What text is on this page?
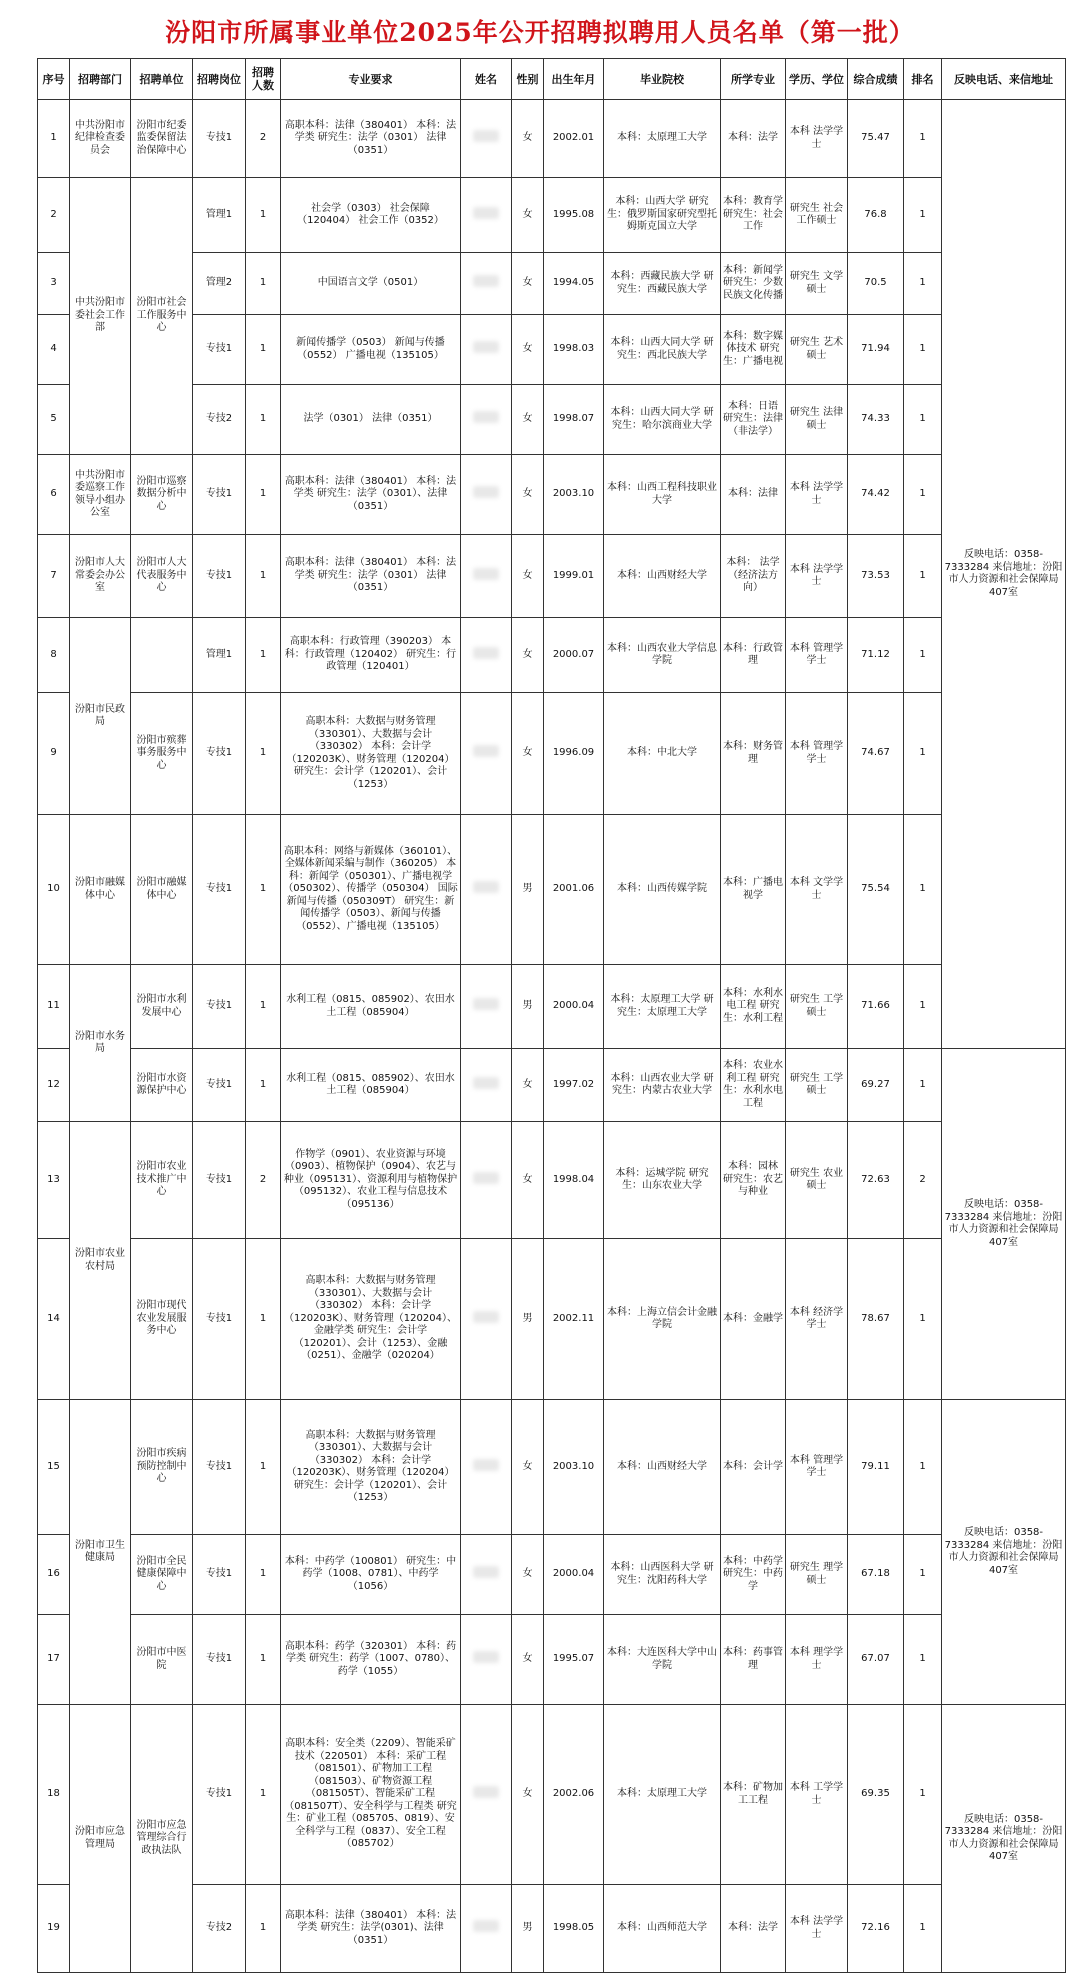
汾阳市所属事业单位2025年公开招聘拟聘用人员名单（第一批）
序号	招聘部门	招聘单位	招聘岗位	招聘人数	专业要求	姓名	性别	出生年月	毕业院校	所学专业	学历、学位	综合成绩	排名	反映电话、来信地址
1	中共汾阳市纪律检查委员会	汾阳市纪委监委保留法治保障中心	专技1	2	高职本科：法律（380401） 本科：法学类 研究生：法学（0301） 法律（0351）		女	2002.01	本科：太原理工大学	本科：法学	本科 法学学士	75.47	1	反映电话：0358-7333284 来信地址：汾阳市人力资源和社会保障局407室
2	中共汾阳市委社会工作部	汾阳市社会工作服务中心	管理1	1	社会学（0303） 社会保障（120404） 社会工作（0352）		女	1995.08	本科：山西大学 研究生：俄罗斯国家研究型托姆斯克国立大学	本科：教育学 研究生：社会工作	研究生 社会工作硕士	76.8	1	
3			管理2	1	中国语言文学（0501）		女	1994.05	本科：西藏民族大学 研究生：西藏民族大学	本科：新闻学 研究生：少数民族文化传播	研究生 文学硕士	70.5	1	
4			专技1	1	新闻传播学（0503） 新闻与传播（0552） 广播电视（135105）		女	1998.03	本科：山西大同大学 研究生：西北民族大学	本科：数字媒体技术 研究生：广播电视	研究生 艺术硕士	71.94	1	
5			专技2	1	法学（0301） 法律（0351）		女	1998.07	本科：山西大同大学 研究生：哈尔滨商业大学	本科：日语 研究生：法律（非法学）	研究生 法律硕士	74.33	1	
6	中共汾阳市委巡察工作领导小组办公室	汾阳市巡察数据分析中心	专技1	1	高职本科：法律（380401） 本科：法学类 研究生：法学（0301）、法律（0351）		女	2003.10	本科：山西工程科技职业大学	本科：法律	本科 法学学士	74.42	1	
7	汾阳市人大常委会办公室	汾阳市人大代表服务中心	专技1	1	高职本科：法律（380401） 本科：法学类 研究生：法学（0301） 法律（0351）		女	1999.01	本科：山西财经大学	本科： 法学（经济法方向）	本科 法学学士	73.53	1	
8	汾阳市民政局		管理1	1	高职本科：行政管理（390203） 本科：行政管理（120402） 研究生：行政管理（120401）		女	2000.07	本科：山西农业大学信息学院	本科：行政管理	本科 管理学学士	71.12	1	
9		汾阳市殡葬事务服务中心	专技1	1	高职本科：大数据与财务管理（330301）、大数据与会计（330302） 本科：会计学（120203K）、财务管理（120204） 研究生：会计学（120201）、会计（1253）		女	1996.09	本科：中北大学	本科：财务管理	本科 管理学学士	74.67	1	
10	汾阳市融媒体中心	汾阳市融媒体中心	专技1	1	高职本科：网络与新媒体（360101）、全媒体新闻采编与制作（360205） 本科：新闻学（050301）、广播电视学（050302）、传播学（050304） 国际新闻与传播（050309T） 研究生：新闻传播学（0503）、新闻与传播（0552）、广播电视（135105）		男	2001.06	本科：山西传媒学院	本科：广播电视学	本科 文学学士	75.54	1	
11	汾阳市水务局	汾阳市水利发展中心	专技1	1	水利工程（0815、085902）、农田水土工程（085904）		男	2000.04	本科：太原理工大学 研究生：太原理工大学	本科：水利水电工程 研究生：水利工程	研究生 工学硕士	71.66	1	
12		汾阳市水资源保护中心	专技1	1	水利工程（0815、085902）、农田水土工程（085904）		女	1997.02	本科：山西农业大学 研究生：内蒙古农业大学	本科：农业水利工程 研究生：水利水电工程	研究生 工学硕士	69.27	1	反映电话：0358-7333284 来信地址：汾阳市人力资源和社会保障局407室
13	汾阳市农业农村局	汾阳市农业技术推广中心	专技1	2	作物学（0901）、农业资源与环境（0903）、植物保护（0904）、农艺与种业（095131）、资源利用与植物保护（095132）、农业工程与信息技术（095136）		女	1998.04	本科：运城学院 研究生：山东农业大学	本科：园林 研究生：农艺与种业	研究生 农业硕士	72.63	2	
14		汾阳市现代农业发展服务中心	专技1	1	高职本科：大数据与财务管理（330301）、大数据与会计（330302） 本科：会计学（120203K）、财务管理（120204）、金融学类 研究生：会计学（120201）、会计（1253）、金融（0251）、金融学（020204）		男	2002.11	本科：上海立信会计金融学院	本科：金融学	本科 经济学学士	78.67	1	
15	汾阳市卫生健康局	汾阳市疾病预防控制中心	专技1	1	高职本科：大数据与财务管理（330301）、大数据与会计（330302） 本科：会计学（120203K）、财务管理（120204） 研究生：会计学（120201）、会计（1253）		女	2003.10	本科：山西财经大学	本科：会计学	本科 管理学学士	79.11	1	反映电话：0358-7333284 来信地址：汾阳市人力资源和社会保障局407室
16		汾阳市全民健康保障中心	专技1	1	本科：中药学（100801） 研究生：中药学（1008、0781）、中药学（1056）		女	2000.04	本科：山西医科大学 研究生：沈阳药科大学	本科：中药学 研究生：中药学	研究生 理学硕士	67.18	1	
17		汾阳市中医院	专技1	1	高职本科：药学（320301） 本科：药学类 研究生：药学（1007、0780）、药学（1055）		女	1995.07	本科：大连医科大学中山学院	本科：药事管理	本科 理学学士	67.07	1	
18	汾阳市应急管理局	汾阳市应急管理综合行政执法队	专技1	1	高职本科：安全类（2209）、智能采矿技术（220501） 本科：采矿工程（081501）、矿物加工工程（081503）、矿物资源工程（081505T）、智能采矿工程（081507T）、安全科学与工程类 研究生：矿业工程（085705、0819）、安全科学与工程（0837）、安全工程（085702）		女	2002.06	本科：太原理工大学	本科：矿物加工工程	本科 工学学士	69.35	1	反映电话：0358-7333284 来信地址：汾阳市人力资源和社会保障局407室
19			专技2	1	高职本科：法律（380401） 本科：法学类 研究生：法学(0301)、法律（0351）		男	1998.05	本科：山西师范大学	本科：法学	本科 法学学士	72.16	1	
